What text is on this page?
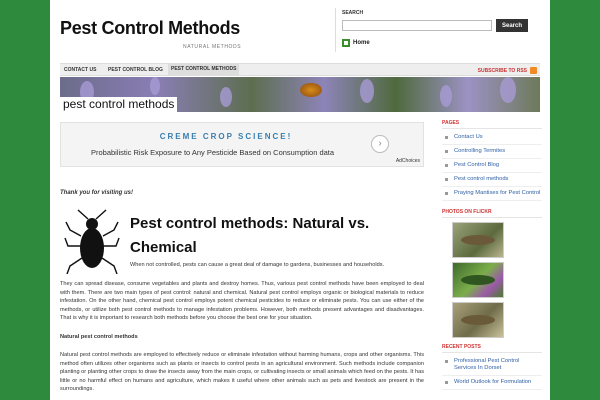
Pest Control Methods
NATURAL METHODS
SEARCH
Search
Home
CONTACT US PEST CONTROL BLOG	PEST CONTROL METHODS	SUBSCRIBE TO RSS
pest control methods
CREME CROP SCIENCE!
Probabilistic Risk Exposure to Any Pesticide Based on Consumption data
›
AdChoices
Thank you for visiting us!
Pest control methods: Natural vs. Chemical
When not controlled, pests can cause a great deal of damage to gardens, businesses and households.
They can spread disease, consume vegetables and plants and destroy homes. Thus, various pest control methods have been employed to deal with them. There are two main types of pest control: natural and chemical. Natural pest control employs organic or biological materials to reduce infestation. On the other hand, chemical pest control employs potent chemical pesticides to reduce or eliminate pests. You can use either of the methods, or utilize both pest control methods to manage infestation problems. However, both methods present advantages and disadvantages. That is why it is important to research both methods before you choose the best one for your situation.
Natural pest control methods
Natural pest control methods are employed to effectively reduce or eliminate infestation without harming humans, crops and other organisms. This method often utilizes other organisms such as plants or insects to control pests in an agricultural environment. Such methods include companion planting or planting other crops to draw the insects away from the main crops, or cultivating insects or small animals which feed on the pests. It has little or no harmful effect on humans and agriculture, which makes it useful where other animals such as pets and livestock are present in the surroundings.
PAGES
Contact Us
Controlling Termites
Pest Control Blog
Pest control methods
Praying Mantises for Pest Control
PHOTOS ON FLICKR
RECENT POSTS
Professional Pest Control Services In Dorset
World Outlook for Formulation
